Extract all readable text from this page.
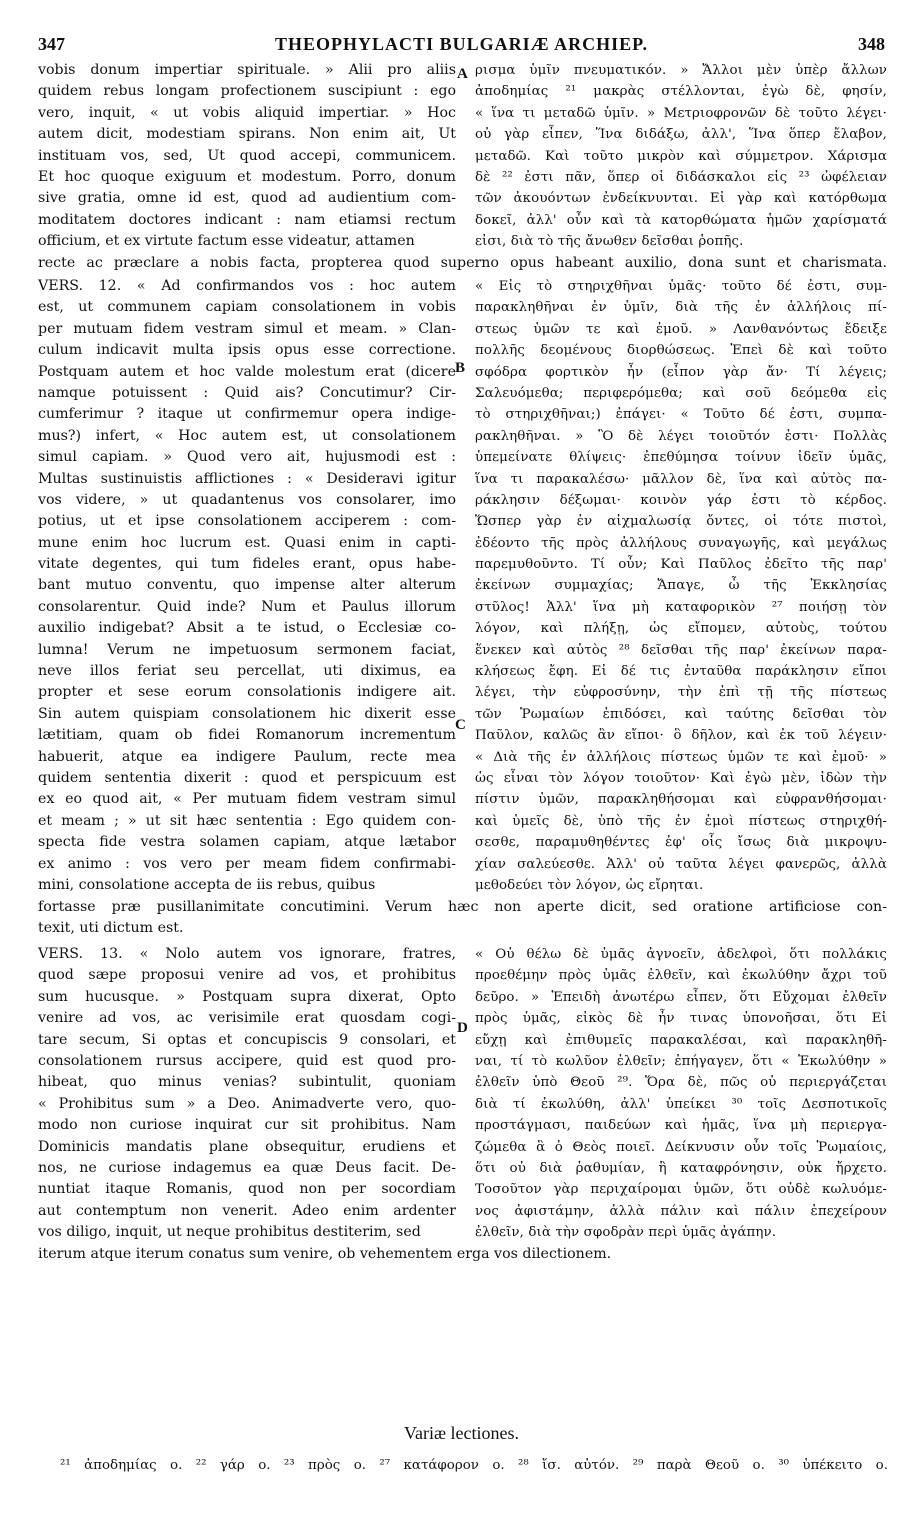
347	THEOPHYLACTI BULGARIÆ ARCHIEP.	348
A
B
C
D
vobis donum impertiar spirituale. » Alii pro aliis
quidem rebus longam profectionem suscipiunt : ego
vero, inquit, « ut vobis aliquid impertiar. » Hoc
autem dicit, modestiam spirans. Non enim ait, Ut
instituam vos, sed, Ut quod accepi, communicem.
Et hoc quoque exiguum et modestum. Porro, donum
sive gratia, omne id est, quod ad audientium com-
moditatem doctores indicant : nam etiamsi rectum
officium, et ex virtute factum esse videatur, attamen
ρισμα ὑμῖν πνευματικόν. » Ἄλλοι μὲν ὑπὲρ ἄλλων
ἀποδημίας ²¹ μακρὰς στέλλονται, ἐγὼ δὲ, φησίν,
« ἵνα τι μεταδῶ ὑμῖν. » Μετριοφρονῶν δὲ τοῦτο λέγει·
οὐ γὰρ εἶπεν, Ἵνα διδάξω, ἀλλ', Ἵνα ὅπερ ἔλαβον,
μεταδῶ. Καὶ τοῦτο μικρὸν καὶ σύμμετρον. Χάρισμα
δὲ ²² ἐστι πᾶν, ὅπερ οἱ διδάσκαλοι εἰς ²³ ὠφέλειαν
τῶν ἀκουόντων ἐνδείκνυνται. Εἰ γὰρ καὶ κατόρθωμα
δοκεῖ, ἀλλ' οὖν καὶ τὰ κατορθώματα ἡμῶν χαρίσματά
εἰσι, διὰ τὸ τῆς ἄνωθεν δεῖσθαι ῥοπῆς.
recte ac præclare a nobis facta, propterea quod superno opus habeant auxilio, dona sunt et charismata.
VERS. 12. « Ad confirmandos vos : hoc autem
est, ut communem capiam consolationem in vobis
per mutuam fidem vestram simul et meam. » Clan-
culum indicavit multa ipsis opus esse correctione.
Postquam autem et hoc valde molestum erat (dicere
namque potuissent : Quid ais? Concutimur? Cir-
cumferimur ? itaque ut confirmemur opera indige-
mus?) infert, « Hoc autem est, ut consolationem
simul capiam. » Quod vero ait, hujusmodi est :
Multas sustinuistis afflictiones : « Desideravi igitur
vos videre, » ut quadantenus vos consolarer, imo
potius, ut et ipse consolationem acciperem : com-
mune enim hoc lucrum est. Quasi enim in capti-
vitate degentes, qui tum fideles erant, opus habe-
bant mutuo conventu, quo impense alter alterum
consolarentur. Quid inde? Num et Paulus illorum
auxilio indigebat? Absit a te istud, o Ecclesiæ co-
lumna! Verum ne impetuosum sermonem faciat,
neve illos feriat seu percellat, uti diximus, ea
propter et sese eorum consolationis indigere ait.
Sin autem quispiam consolationem hic dixerit esse
lætitiam, quam ob fidei Romanorum incrementum
habuerit, atque ea indigere Paulum, recte mea
quidem sententia dixerit : quod et perspicuum est
ex eo quod ait, « Per mutuam fidem vestram simul
et meam ; » ut sit hæc sententia : Ego quidem con-
specta fide vestra solamen capiam, atque lætabor
ex animo : vos vero per meam fidem confirmabi-
mini, consolatione accepta de iis rebus, quibus
« Εἰς τὸ στηριχθῆναι ὑμᾶς· τοῦτο δέ ἐστι, συμ-
παρακληθῆναι ἐν ὑμῖν, διὰ τῆς ἐν ἀλλήλοις πί-
στεως ὑμῶν τε καὶ ἐμοῦ. » Λανθανόντως ἔδειξε
πολλῆς δεομένους διορθώσεως. Ἐπεὶ δὲ καὶ τοῦτο
σφόδρα φορτικὸν ἦν (εἶπον γὰρ ἄν· Τί λέγεις;
Σαλευόμεθα; περιφερόμεθα; καὶ σοῦ δεόμεθα εἰς
τὸ στηριχθῆναι;) ἐπάγει· « Τοῦτο δέ ἐστι, συμπα-
ρακληθῆναι. » Ὃ δὲ λέγει τοιοῦτόν ἐστι· Πολλὰς
ὑπεμείνατε θλίψεις· ἐπεθύμησα τοίνυν ἰδεῖν ὑμᾶς,
ἵνα τι παρακαλέσω· μᾶλλον δὲ, ἵνα καὶ αὐτὸς πα-
ράκλησιν δέξωμαι· κοινὸν γάρ ἐστι τὸ κέρδος.
Ὥσπερ γὰρ ἐν αἰχμαλωσίᾳ ὄντες, οἱ τότε πιστοὶ,
ἐδέοντο τῆς πρὸς ἀλλήλους συναγωγῆς, καὶ μεγάλως
παρεμυθοῦντο. Τί οὖν; Καὶ Παῦλος ἐδεῖτο τῆς παρ'
ἐκείνων συμμαχίας; Ἄπαγε, ὦ τῆς Ἐκκλησίας
στῦλος! Ἀλλ' ἵνα μὴ καταφορικὸν ²⁷ ποιήσῃ τὸν
λόγον, καὶ πλήξῃ, ὡς εἴπομεν, αὐτοὺς, τούτου
ἕνεκεν καὶ αὐτὸς ²⁸ δεῖσθαι τῆς παρ' ἐκείνων παρα-
κλήσεως ἔφη. Εἰ δέ τις ἐνταῦθα παράκλησιν εἴποι
λέγει, τὴν εὐφροσύνην, τὴν ἐπὶ τῇ τῆς πίστεως
τῶν Ῥωμαίων ἐπιδόσει, καὶ ταύτης δεῖσθαι τὸν
Παῦλον, καλῶς ἂν εἴποι· ὃ δῆλον, καὶ ἐκ τοῦ λέγειν·
« Διὰ τῆς ἐν ἀλλήλοις πίστεως ὑμῶν τε καὶ ἐμοῦ· »
ὡς εἶναι τὸν λόγον τοιοῦτον· Καὶ ἐγὼ μὲν, ἰδὼν τὴν
πίστιν ὑμῶν, παρακληθήσομαι καὶ εὐφρανθήσομαι·
καὶ ὑμεῖς δὲ, ὑπὸ τῆς ἐν ἐμοὶ πίστεως στηριχθή-
σεσθε, παραμυθηθέντες ἐφ' οἷς ἴσως διὰ μικροψυ-
χίαν σαλεύεσθε. Ἀλλ' οὐ ταῦτα λέγει φανερῶς, ἀλλὰ
μεθοδεύει τὸν λόγον, ὡς εἴρηται.
fortasse præ pusillanimitate concutimini. Verum hæc non aperte dicit, sed oratione artificiose con-
texit, uti dictum est.
VERS. 13. « Nolo autem vos ignorare, fratres,
quod sæpe proposui venire ad vos, et prohibitus
sum hucusque. » Postquam supra dixerat, Opto
venire ad vos, ac verisimile erat quosdam cogi-
tare secum, Si optas et concupiscis 9 consolari, et
consolationem rursus accipere, quid est quod pro-
hibeat, quo minus venias? subintulit, quoniam
« Prohibitus sum » a Deo. Animadverte vero, quo-
modo non curiose inquirat cur sit prohibitus. Nam
Dominicis mandatis plane obsequitur, erudiens et
nos, ne curiose indagemus ea quæ Deus facit. De-
nuntiat itaque Romanis, quod non per socordiam
aut contemptum non venerit. Adeo enim ardenter
vos diligo, inquit, ut neque prohibitus destiterim, sed
« Οὐ θέλω δὲ ὑμᾶς ἀγνοεῖν, ἀδελφοὶ, ὅτι πολλάκις
προεθέμην πρὸς ὑμᾶς ἐλθεῖν, καὶ ἐκωλύθην ἄχρι τοῦ
δεῦρο. » Ἐπειδὴ ἀνωτέρω εἶπεν, ὅτι Εὔχομαι ἐλθεῖν
πρὸς ὑμᾶς, εἰκὸς δὲ ἦν τινας ὑπονοῆσαι, ὅτι Εἰ
εὔχῃ καὶ ἐπιθυμεῖς παρακαλέσαι, καὶ παρακληθῆ-
ναι, τί τὸ κωλῦον ἐλθεῖν; ἐπήγαγεν, ὅτι « Ἐκωλύθην »
ἐλθεῖν ὑπὸ Θεοῦ ²⁹. Ὅρα δὲ, πῶς οὐ περιεργάζεται
διὰ τί ἐκωλύθη, ἀλλ' ὑπείκει ³⁰ τοῖς Δεσποτικοῖς
προστάγμασι, παιδεύων καὶ ἡμᾶς, ἵνα μὴ περιεργα-
ζώμεθα ἃ ὁ Θεὸς ποιεῖ. Δείκνυσιν οὖν τοῖς Ῥωμαίοις,
ὅτι οὐ διὰ ῥαθυμίαν, ἢ καταφρόνησιν, οὐκ ἤρχετο.
Τοσοῦτον γὰρ περιχαίρομαι ὑμῶν, ὅτι οὐδὲ κωλυόμε-
νος ἀφιστάμην, ἀλλὰ πάλιν καὶ πάλιν ἐπεχείρουν
ἐλθεῖν, διὰ τὴν σφοδρὰν περὶ ὑμᾶς ἀγάπην.
iterum atque iterum conatus sum venire, ob vehementem erga vos dilectionem.
Variæ lectiones.
²¹ ἀποδημίας ο. ²² γάρ ο. ²³ πρὸς ο. ²⁷ κατάφορον ο. ²⁸ ἴσ. αὐτόν. ²⁹ παρὰ Θεοῦ ο. ³⁰ ὑπέκειτο ο.
